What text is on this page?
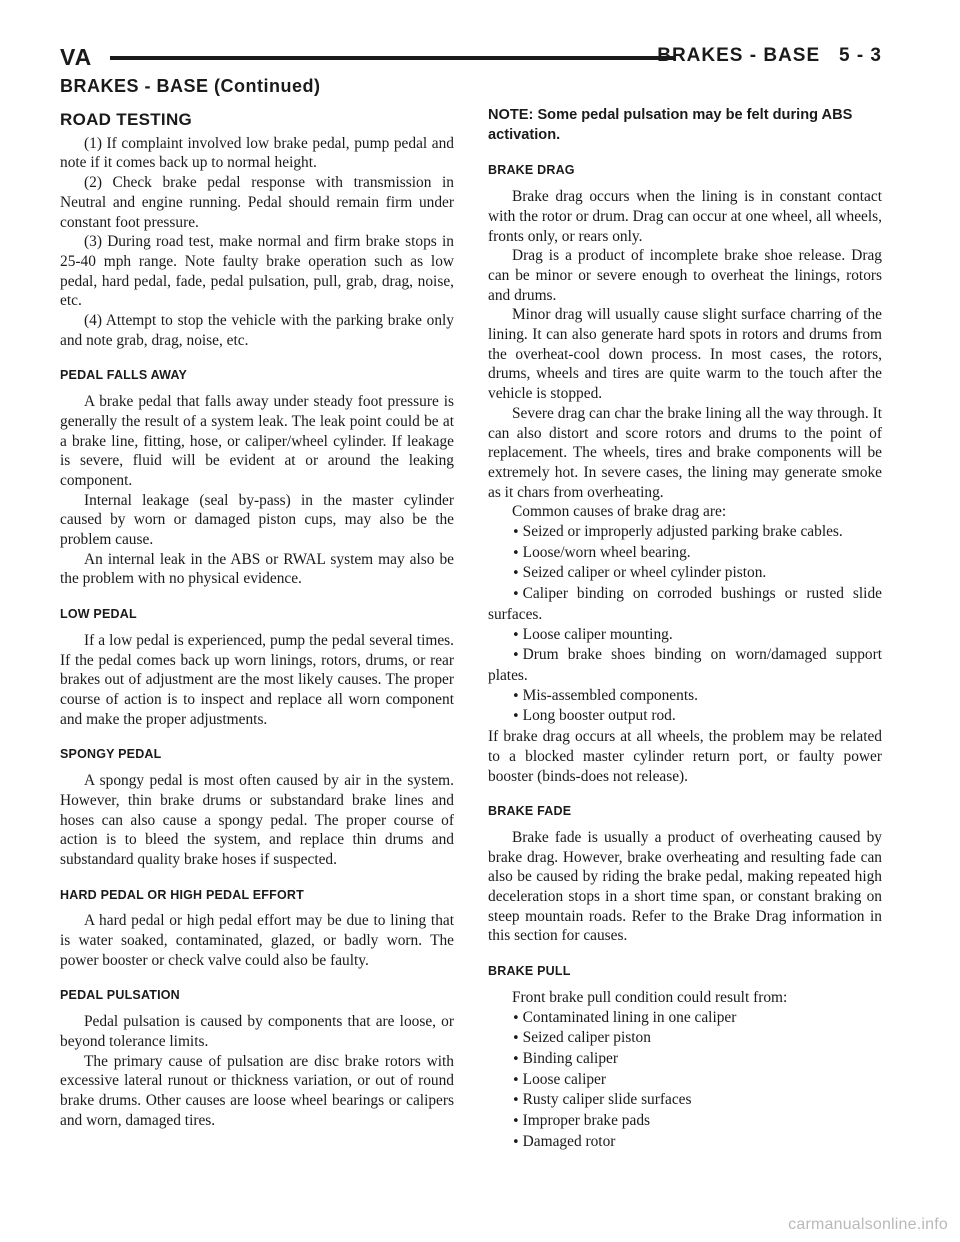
VA	BRAKES - BASE   5 - 3
BRAKES - BASE (Continued)
ROAD TESTING

(1) If complaint involved low brake pedal, pump pedal and note if it comes back up to normal height.

(2) Check brake pedal response with transmission in Neutral and engine running. Pedal should remain firm under constant foot pressure.

(3) During road test, make normal and firm brake stops in 25-40 mph range. Note faulty brake operation such as low pedal, hard pedal, fade, pedal pulsation, pull, grab, drag, noise, etc.

(4) Attempt to stop the vehicle with the parking brake only and note grab, drag, noise, etc.

PEDAL FALLS AWAY

A brake pedal that falls away under steady foot pressure is generally the result of a system leak. The leak point could be at a brake line, fitting, hose, or caliper/wheel cylinder. If leakage is severe, fluid will be evident at or around the leaking component.

Internal leakage (seal by-pass) in the master cylinder caused by worn or damaged piston cups, may also be the problem cause.

An internal leak in the ABS or RWAL system may also be the problem with no physical evidence.

LOW PEDAL

If a low pedal is experienced, pump the pedal several times. If the pedal comes back up worn linings, rotors, drums, or rear brakes out of adjustment are the most likely causes. The proper course of action is to inspect and replace all worn component and make the proper adjustments.

SPONGY PEDAL

A spongy pedal is most often caused by air in the system. However, thin brake drums or substandard brake lines and hoses can also cause a spongy pedal. The proper course of action is to bleed the system, and replace thin drums and substandard quality brake hoses if suspected.

HARD PEDAL OR HIGH PEDAL EFFORT

A hard pedal or high pedal effort may be due to lining that is water soaked, contaminated, glazed, or badly worn. The power booster or check valve could also be faulty.

PEDAL PULSATION

Pedal pulsation is caused by components that are loose, or beyond tolerance limits.

The primary cause of pulsation are disc brake rotors with excessive lateral runout or thickness variation, or out of round brake drums. Other causes are loose wheel bearings or calipers and worn, damaged tires.

NOTE: Some pedal pulsation may be felt during ABS activation.
BRAKE DRAG

Brake drag occurs when the lining is in constant contact with the rotor or drum. Drag can occur at one wheel, all wheels, fronts only, or rears only.

Drag is a product of incomplete brake shoe release. Drag can be minor or severe enough to overheat the linings, rotors and drums.

Minor drag will usually cause slight surface charring of the lining. It can also generate hard spots in rotors and drums from the overheat-cool down process. In most cases, the rotors, drums, wheels and tires are quite warm to the touch after the vehicle is stopped.

Severe drag can char the brake lining all the way through. It can also distort and score rotors and drums to the point of replacement. The wheels, tires and brake components will be extremely hot. In severe cases, the lining may generate smoke as it chars from overheating.

Common causes of brake drag are:

• Seized or improperly adjusted parking brake cables.

• Loose/worn wheel bearing.

• Seized caliper or wheel cylinder piston.

• Caliper binding on corroded bushings or rusted slide surfaces.

• Loose caliper mounting.

• Drum brake shoes binding on worn/damaged support plates.

• Mis-assembled components.

• Long booster output rod.

If brake drag occurs at all wheels, the problem may be related to a blocked master cylinder return port, or faulty power booster (binds-does not release).

BRAKE FADE

Brake fade is usually a product of overheating caused by brake drag. However, brake overheating and resulting fade can also be caused by riding the brake pedal, making repeated high deceleration stops in a short time span, or constant braking on steep mountain roads. Refer to the Brake Drag information in this section for causes.

BRAKE PULL

Front brake pull condition could result from:

• Contaminated lining in one caliper

• Seized caliper piston

• Binding caliper

• Loose caliper

• Rusty caliper slide surfaces

• Improper brake pads

• Damaged rotor

carmanualsonline.info
